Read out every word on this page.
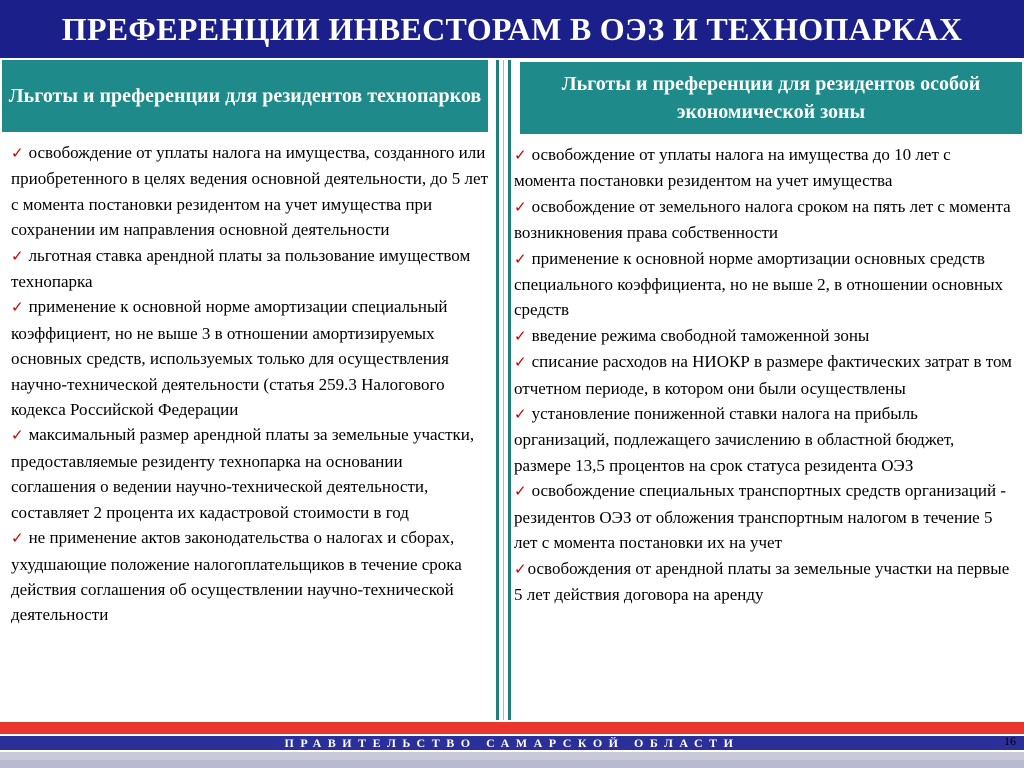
ПРЕФЕРЕНЦИИ ИНВЕСТОРАМ В ОЭЗ И ТЕХНОПАРКАХ
Льготы и преференции для резидентов технопарков
Льготы и преференции для резидентов особой экономической зоны

✓ освобождение от уплаты налога на имущества, созданного или приобретенного в целях ведения основной деятельности, до 5 лет с момента постановки резидентом на учет имущества при сохранении им направления основной деятельности

✓ льготная ставка арендной платы за пользование имуществом технопарка

✓ применение к основной норме амортизации специальный коэффициент, но не выше 3 в отношении амортизируемых основных средств, используемых только для осуществления научно-технической деятельности (статья 259.3 Налогового кодекса Российской Федерации

✓ максимальный размер арендной платы за земельные участки, предоставляемые резиденту технопарка на основании соглашения о ведении научно-технической деятельности, составляет 2 процента их кадастровой стоимости в год

✓ не применение актов законодательства о налогах и сборах, ухудшающие положение налогоплательщиков в течение срока действия соглашения об осуществлении научно-технической деятельности

✓ освобождение от уплаты налога на имущества до 10 лет с момента постановки резидентом на учет имущества

✓ освобождение от земельного налога сроком на пять лет с момента возникновения права собственности

✓ применение к основной норме амортизации основных средств специального коэффициента, но не выше 2, в отношении основных средств

✓ введение режима свободной таможенной зоны

✓ списание расходов на НИОКР в размере фактических затрат в том отчетном периоде, в котором они были осуществлены

✓ установление пониженной ставки налога на прибыль организаций, подлежащего зачислению в областной бюджет, размере 13,5 процентов на срок статуса резидента ОЭЗ

✓ освобождение специальных транспортных средств организаций - резидентов ОЭЗ от обложения транспортным налогом в течение 5 лет с момента постановки их на учет

✓освобождения от арендной платы за земельные участки на первые 5 лет действия договора на аренду

ПРАВИТЕЛЬСТВО САМАРСКОЙ ОБЛАСТИ	16
